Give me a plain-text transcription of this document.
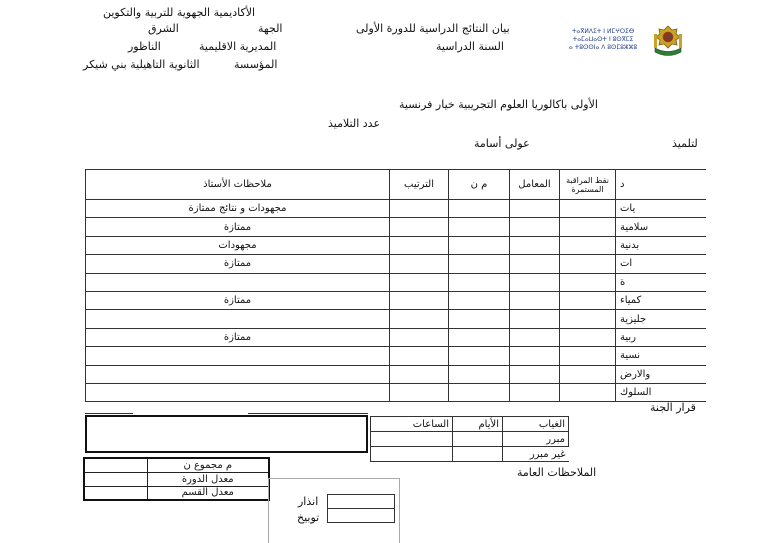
الأكاديمية الجهوية للتربية والتكوين
الجهة
الشرق
المديرية الاقليمية
الناظور
المؤسسة
الثانوية التاهيلية بني شيكر
بيان النتائج الدراسية للدورة الأولى
السنة الدراسية
ⵜⴰⴳⵍⴷⵉⵜ ⵏ ⵍⵎⵖⵔⵉⴱ
ⵜⴰⵎⴰⵡⴰⵙⵜ ⵏ ⵓⵙⴳⵎⵉ
ⴰ ⵜⵓⵙⵙⵏⴰ ⴷ ⵓⵙⵎⵓⵣⵣⵓ
الأولى باكالوريا العلوم التجريبية خيار فرنسية
عدد التلاميذ
لتلميذ
عولى أسامة
ملاحظات الأستاذ	الترتيب	م ن	المعامل	نقط المراقبة المستمرة	د
مجهودات و نتائج ممتازة					يات
ممتازة					سلامية
مجهودات					بدنية
ممتازة					ات
					ة
ممتازة					كمياء
					جليزية
ممتازة					ربية
					نسية
					والارض
					السلوك
قرار الجنة
الساعات	الأيام	الغياب
		مبرر
		غير مبرر
الملاحظات العامة
	م مجموع ن
	معدل الدورة
	معدل القسم
انذار
توبيخ
